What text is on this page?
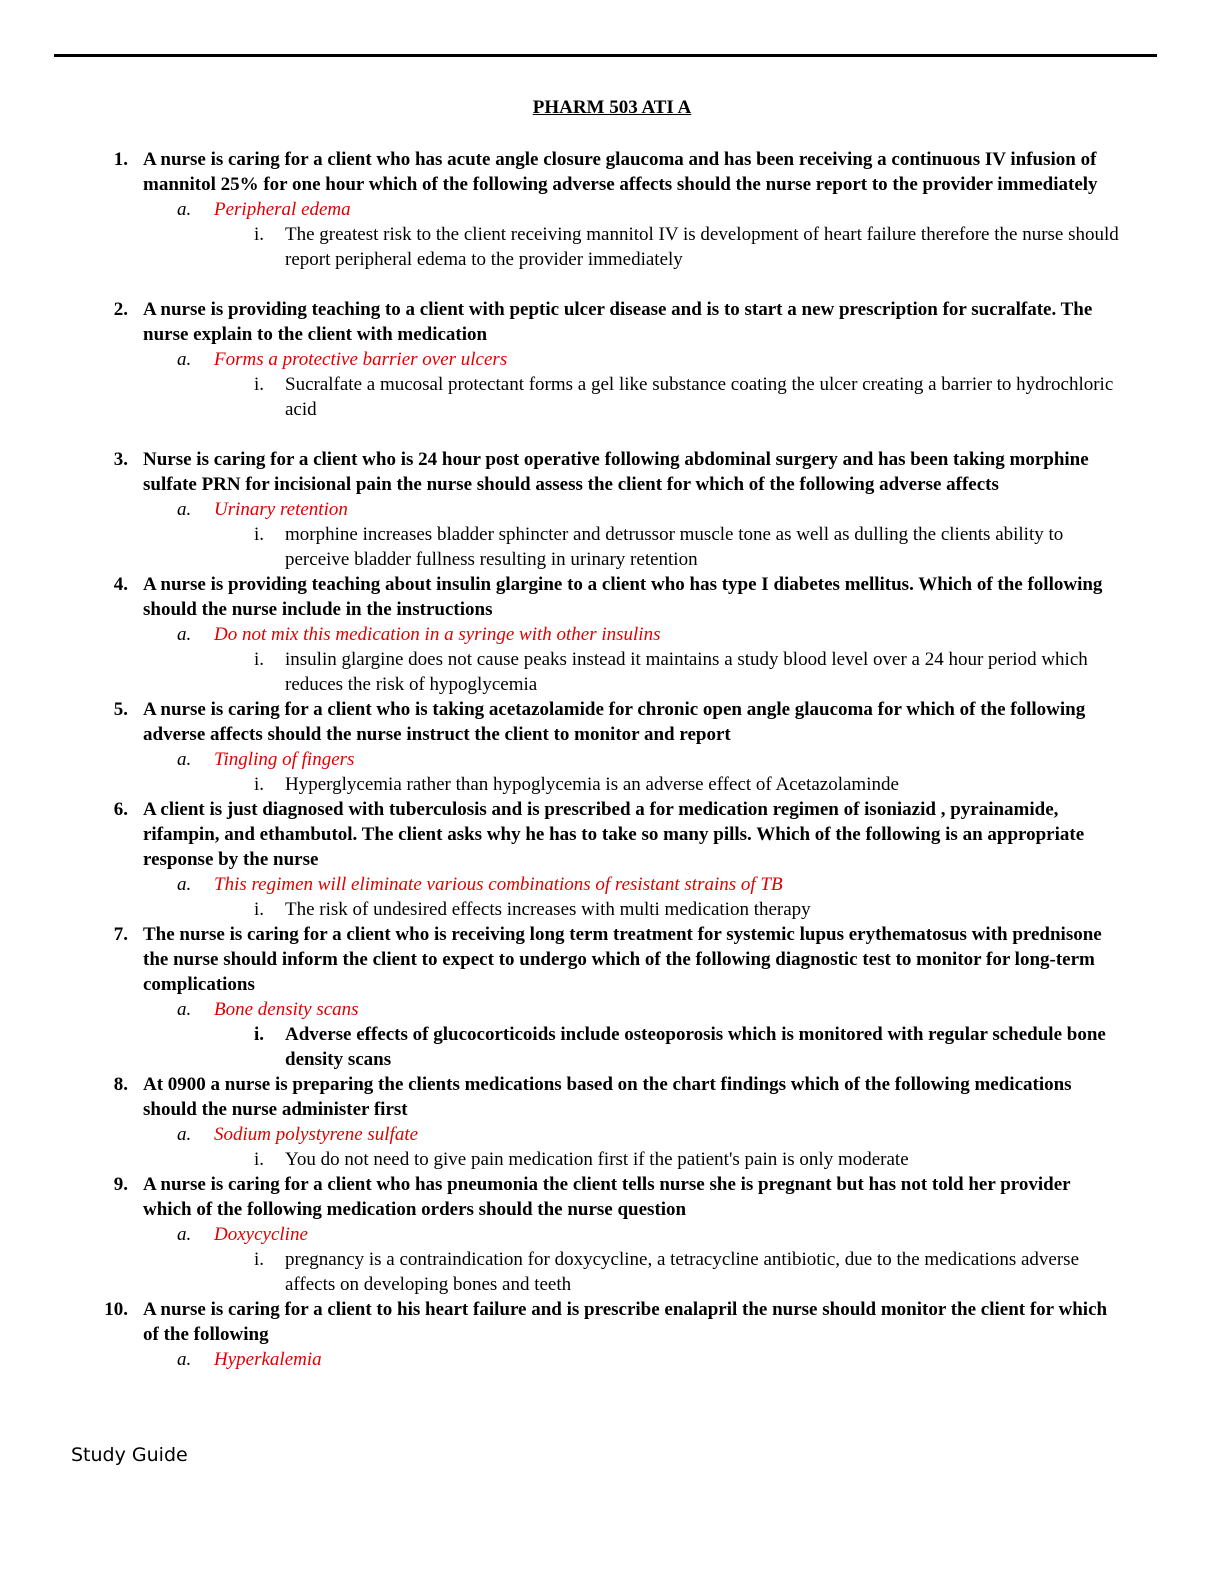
PHARM 503 ATI A
1. A nurse is caring for a client who has acute angle closure glaucoma and has been receiving a continuous IV infusion of mannitol 25% for one hour which of the following adverse affects should the nurse report to the provider immediately
a.	Peripheral edema
i.	The greatest risk to the client receiving mannitol IV is development of heart failure therefore the nurse should report peripheral edema to the provider immediately
2. A nurse is providing teaching to a client with peptic ulcer disease and is to start a new prescription for sucralfate. The nurse explain to the client with medication
a.	Forms a protective barrier over ulcers
i.	Sucralfate a mucosal protectant forms a gel like substance coating the ulcer creating a barrier to hydrochloric acid
3. Nurse is caring for a client who is 24 hour post operative following abdominal surgery and has been taking morphine sulfate PRN for incisional pain the nurse should assess the client for which of the following adverse affects
a.	Urinary retention
i.	morphine increases bladder sphincter and detrussor muscle tone as well as dulling the clients ability to perceive bladder fullness resulting in urinary retention
4. A nurse is providing teaching about insulin glargine to a client who has type I diabetes mellitus. Which of the following should the nurse include in the instructions
a.	Do not mix this medication in a syringe with other insulins
i.	insulin glargine does not cause peaks instead it maintains a study blood level over a 24 hour period which reduces the risk of hypoglycemia
5. A nurse is caring for a client who is taking acetazolamide for chronic open angle glaucoma for which of the following adverse affects should the nurse instruct the client to monitor and report
a.	Tingling of fingers
i.	Hyperglycemia rather than hypoglycemia is an adverse effect of Acetazolaminde
6. A client is just diagnosed with tuberculosis and is prescribed a for medication regimen of isoniazid , pyrainamide, rifampin, and ethambutol. The client asks why he has to take so many pills. Which of the following is an appropriate response by the nurse
a.	This regimen will eliminate various combinations of resistant strains of TB
i.	The risk of undesired effects increases with multi medication therapy
7. The nurse is caring for a client who is receiving long term treatment for systemic lupus erythematosus with prednisone the nurse should inform the client to expect to undergo which of the following diagnostic test to monitor for long-term complications
a.	Bone density scans
i.	Adverse effects of glucocorticoids include osteoporosis which is monitored with regular schedule bone density scans
8. At 0900 a nurse is preparing the clients medications based on the chart findings which of the following medications should the nurse administer first
a.	Sodium polystyrene sulfate
i.	You do not need to give pain medication first if the patient's pain is only moderate
9. A nurse is caring for a client who has pneumonia the client tells nurse she is pregnant but has not told her provider which of the following medication orders should the nurse question
a.	Doxycycline
i.	pregnancy is a contraindication for doxycycline, a tetracycline antibiotic, due to the medications adverse affects on developing bones and teeth
10. A nurse is caring for a client to his heart failure and is prescribe enalapril the nurse should monitor the client for which of the following
a.	Hyperkalemia
Study Guide
